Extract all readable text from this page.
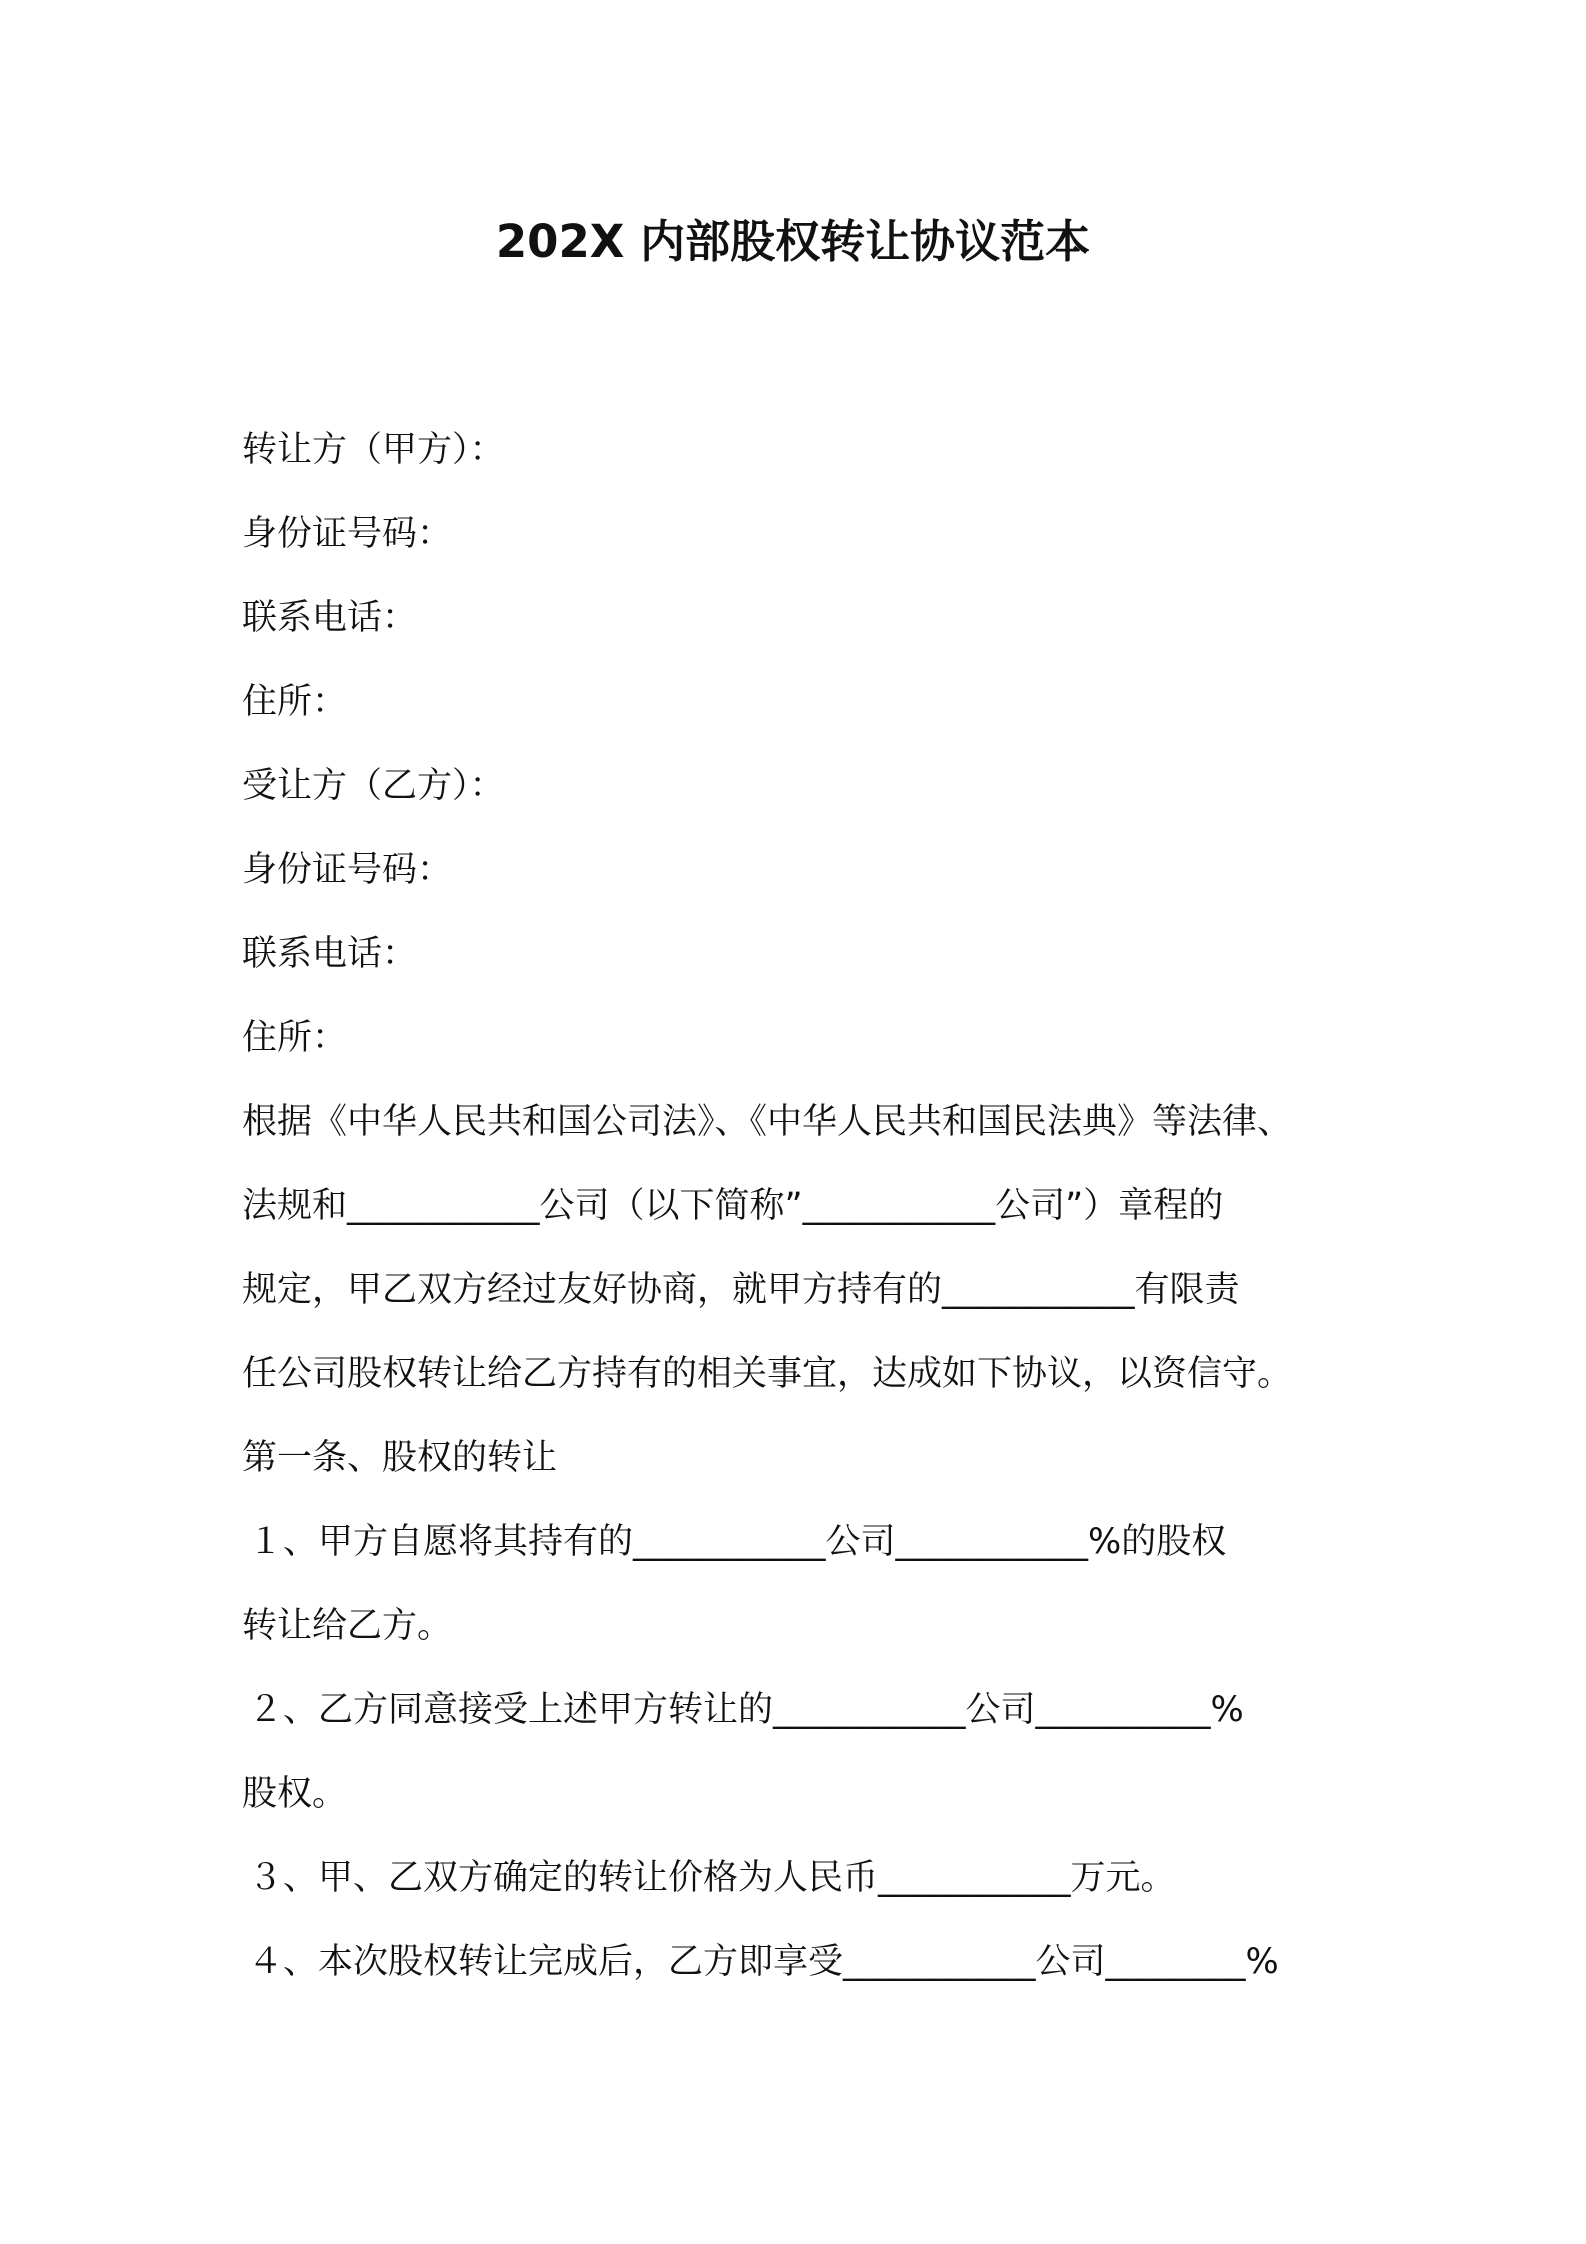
202X 内部股权转让协议范本
转让方（甲方）：
身份证号码：
联系电话：
住所：
受让方（乙方）：
身份证号码：
联系电话：
住所：
根据《中华人民共和国公司法》、《中华人民共和国民法典》等法律、
法规和___________公司（以下简称”___________公司”）章程的
规定，甲乙双方经过友好协商，就甲方持有的___________有限责
任公司股权转让给乙方持有的相关事宜，达成如下协议，以资信守。
第一条、股权的转让
１、甲方自愿将其持有的___________公司___________%的股权
转让给乙方。
２、乙方同意接受上述甲方转让的___________公司__________%
股权。
３、甲、乙双方确定的转让价格为人民币___________万元。
４、本次股权转让完成后，乙方即享受___________公司________%
